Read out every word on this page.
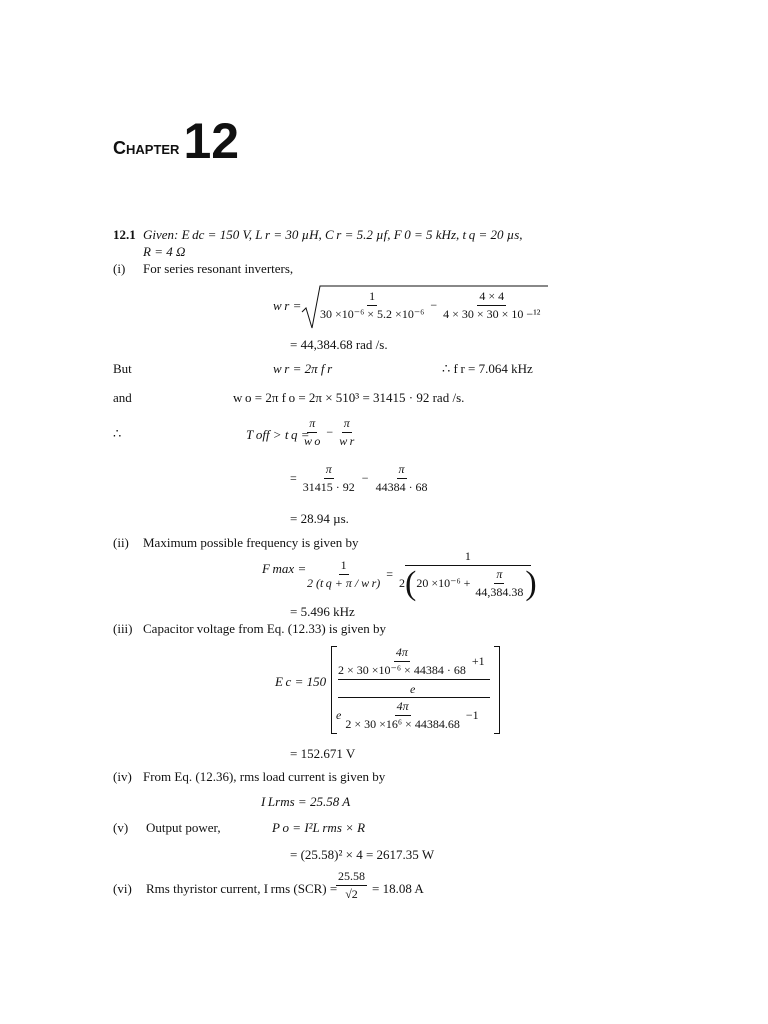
Chapter 12
12.1 Given: E dc = 150 V, L r = 30 µH, C r = 5.2 µf, F 0 = 5 kHz, t q = 20 µs,
R = 4 Ω
(i) For series resonant inverters,
w $r = \frac{1}{\text{30 ×10⁻⁶ × 5.2 ×10⁻⁶}} - \frac{4 \times 4}{\text{4 × 30 × 30 × 10 −¹²}}$
= 44,384.68 rad /s.
But	w r = 2π f r	∴ f r = 7.064 kHz
and	w o = 2π f o = 2π × 510³ = 31415 · 92 rad /s.
∴	T off > t q =
$\frac{\pi}{\text{w o}} - \frac{\pi}{\text{w r}}$
= $\frac{\pi}{31415 \cdot 92} - \frac{\pi}{44384 \cdot 68}$
= 28.94 µs.
(ii) Maximum possible frequency is given by
F max =
$\frac{1}{\text{2 (t q + π / w r)}}$ =
1
2 ( $20 \times 10^{-6} + \frac{\pi}{44,384.38}$ )
= 5.496 kHz
(iii) Capacitor voltage from Eq. (12.33) is given by
E c = 150
$\frac{4\pi}{\text{2 × 30 ×10⁻⁶ × 44384 · 68}} +1$
e
e $\frac{4\pi}{\text{2 × 30 ×16⁶ × 44384.68}} -1$
= 152.671 V
(iv) From Eq. (12.36), rms load current is given by
I Lrms = 25.58 A
(v) Output power,	P o = I²L rms × R
= (25.58)² × 4 = 2617.35 W
(vi) Rms thyristor current, I rms (SCR) =
$\frac{25.58}{√2} = 18.08$ A
